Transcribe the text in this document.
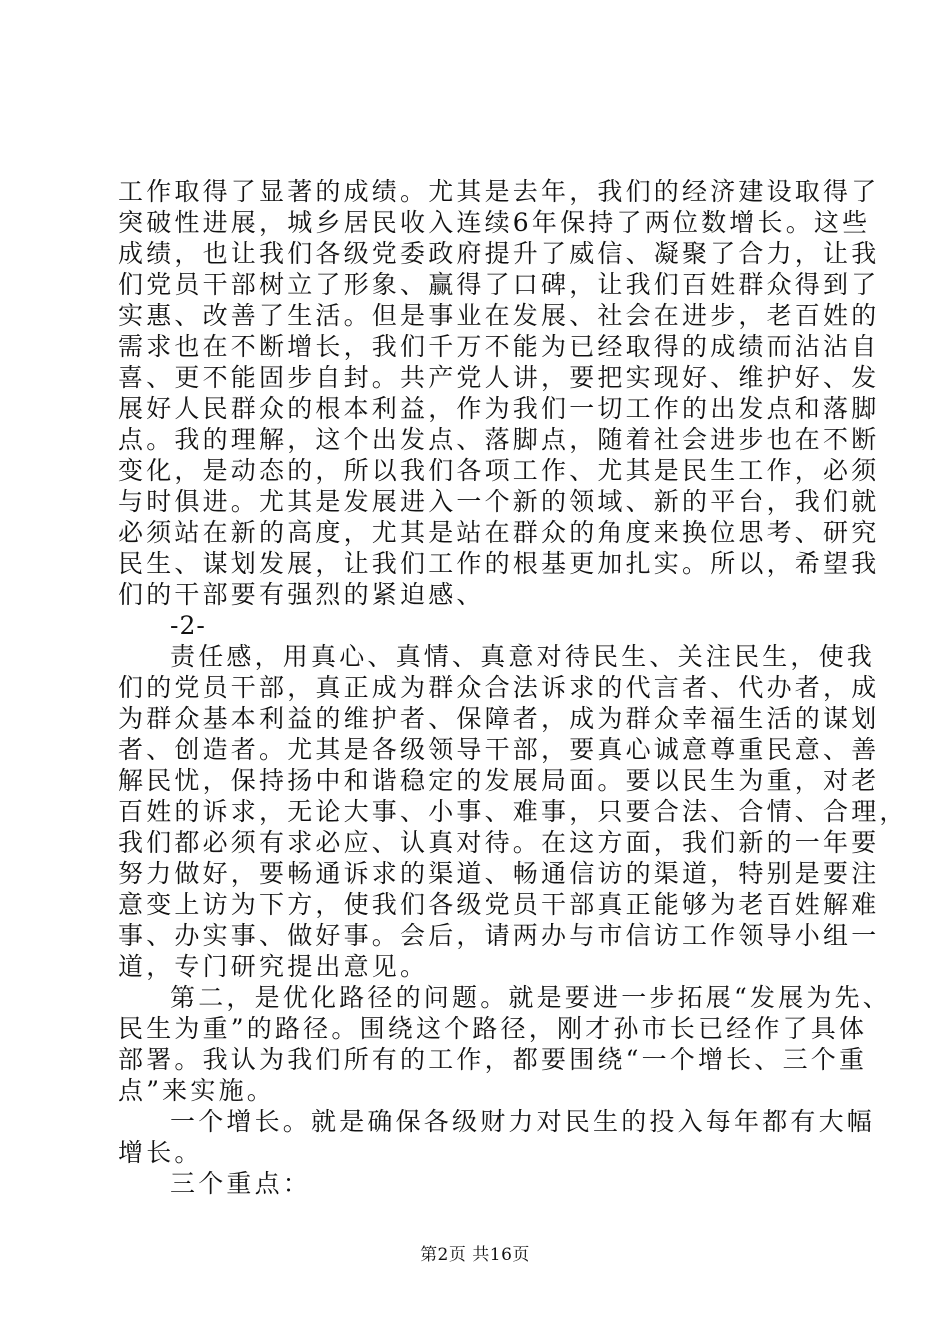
工作取得了显著的成绩。尤其是去年，我们的经济建设取得了
突破性进展，城乡居民收入连续6年保持了两位数增长。这些
成绩，也让我们各级党委政府提升了威信、凝聚了合力，让我
们党员干部树立了形象、赢得了口碑，让我们百姓群众得到了
实惠、改善了生活。但是事业在发展、社会在进步，老百姓的
需求也在不断增长，我们千万不能为已经取得的成绩而沾沾自
喜、更不能固步自封。共产党人讲，要把实现好、维护好、发
展好人民群众的根本利益，作为我们一切工作的出发点和落脚
点。我的理解，这个出发点、落脚点，随着社会进步也在不断
变化，是动态的，所以我们各项工作、尤其是民生工作，必须
与时俱进。尤其是发展进入一个新的领域、新的平台，我们就
必须站在新的高度，尤其是站在群众的角度来换位思考、研究
民生、谋划发展，让我们工作的根基更加扎实。所以，希望我
们的干部要有强烈的紧迫感、
-2-
责任感，用真心、真情、真意对待民生、关注民生，使我
们的党员干部，真正成为群众合法诉求的代言者、代办者，成
为群众基本利益的维护者、保障者，成为群众幸福生活的谋划
者、创造者。尤其是各级领导干部，要真心诚意尊重民意、善
解民忧，保持扬中和谐稳定的发展局面。要以民生为重，对老
百姓的诉求，无论大事、小事、难事，只要合法、合情、合理，
我们都必须有求必应、认真对待。在这方面，我们新的一年要
努力做好，要畅通诉求的渠道、畅通信访的渠道，特别是要注
意变上访为下方，使我们各级党员干部真正能够为老百姓解难
事、办实事、做好事。会后，请两办与市信访工作领导小组一
道，专门研究提出意见。
第二，是优化路径的问题。就是要进一步拓展“发展为先、
民生为重”的路径。围绕这个路径，刚才孙市长已经作了具体
部署。我认为我们所有的工作，都要围绕“一个增长、三个重
点”来实施。
一个增长。就是确保各级财力对民生的投入每年都有大幅
增长。
三个重点：
第2页 共16页
